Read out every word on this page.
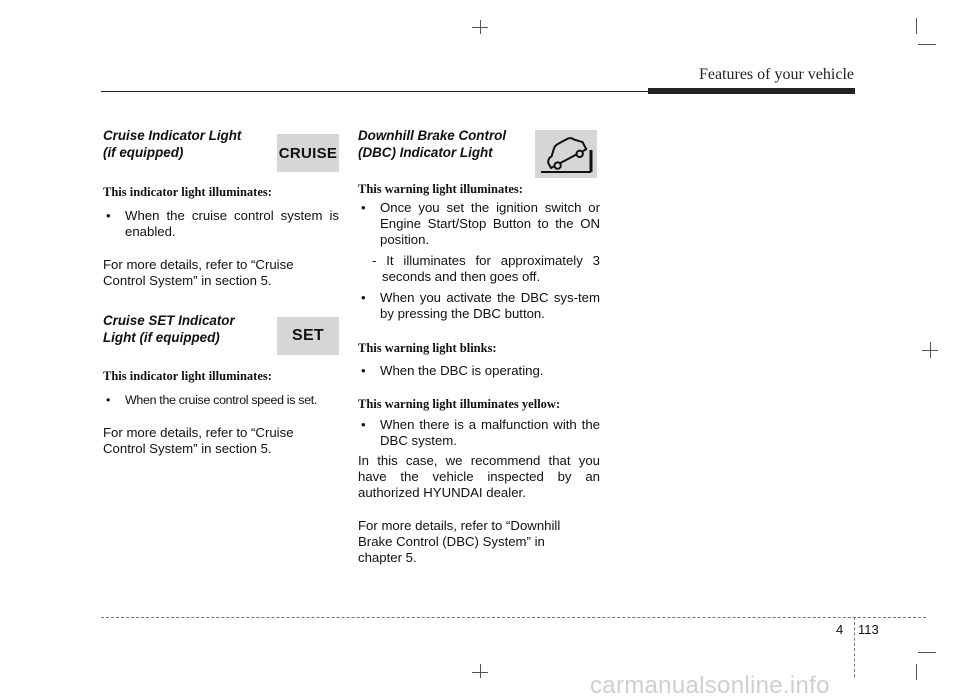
Features of your vehicle

Cruise Indicator Light

(if equipped)	CRUISE

This indicator light illuminates:

• When the cruise control system is enabled.

For more details, refer to “Cruise

Control System” in section 5.

Cruise SET Indicator

Light (if equipped)	SET

This indicator light illuminates:

• When the cruise control speed is set.

For more details, refer to “Cruise

Control System” in section 5.

Downhill Brake Control

(DBC) Indicator Light

This warning light illuminates:

• Once you set the ignition switch or Engine Start/Stop Button to the ON position.

- It illuminates for approximately 3 seconds and then goes off.

• When you activate the DBC sys-tem by pressing the DBC button.

This warning light blinks:

• When the DBC is operating.

This warning light illuminates yellow:

• When there is a malfunction with the DBC system.

In this case, we recommend that you have the vehicle inspected by an authorized HYUNDAI dealer.

For more details, refer to “Downhill

Brake Control (DBC) System” in

chapter 5.

4 113
carmanualsonline.info
